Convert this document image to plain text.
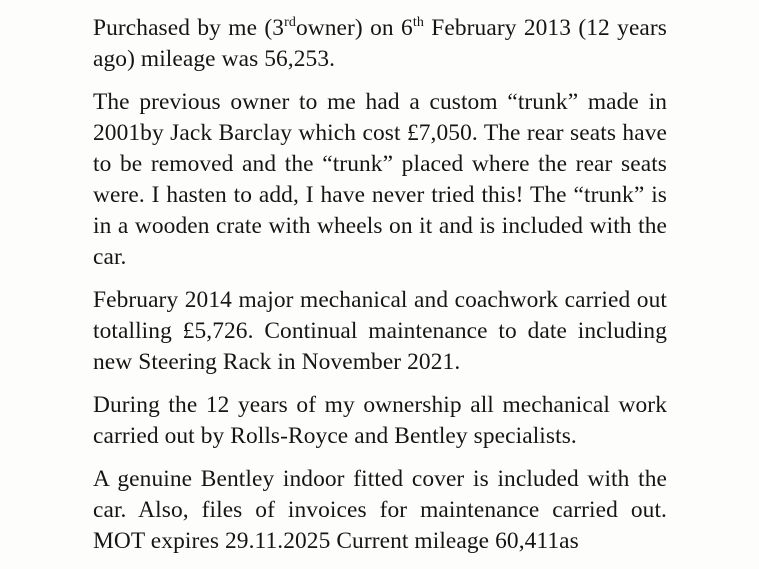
Purchased by me (3rdowner) on 6th February 2013 (12 years ago) mileage was 56,253.

The previous owner to me had a custom “trunk” made in 2001by Jack Barclay which cost £7,050. The rear seats have to be removed and the “trunk” placed where the rear seats were. I hasten to add, I have never tried this! The “trunk” is in a wooden crate with wheels on it and is included with the car.

February 2014 major mechanical and coachwork carried out totalling £5,726. Continual maintenance to date including new Steering Rack in November 2021.

During the 12 years of my ownership all mechanical work carried out by Rolls-Royce and Bentley specialists.

A genuine Bentley indoor fitted cover is included with the car. Also, files of invoices for maintenance carried out. MOT expires 29.11.2025 Current mileage 60,411as
